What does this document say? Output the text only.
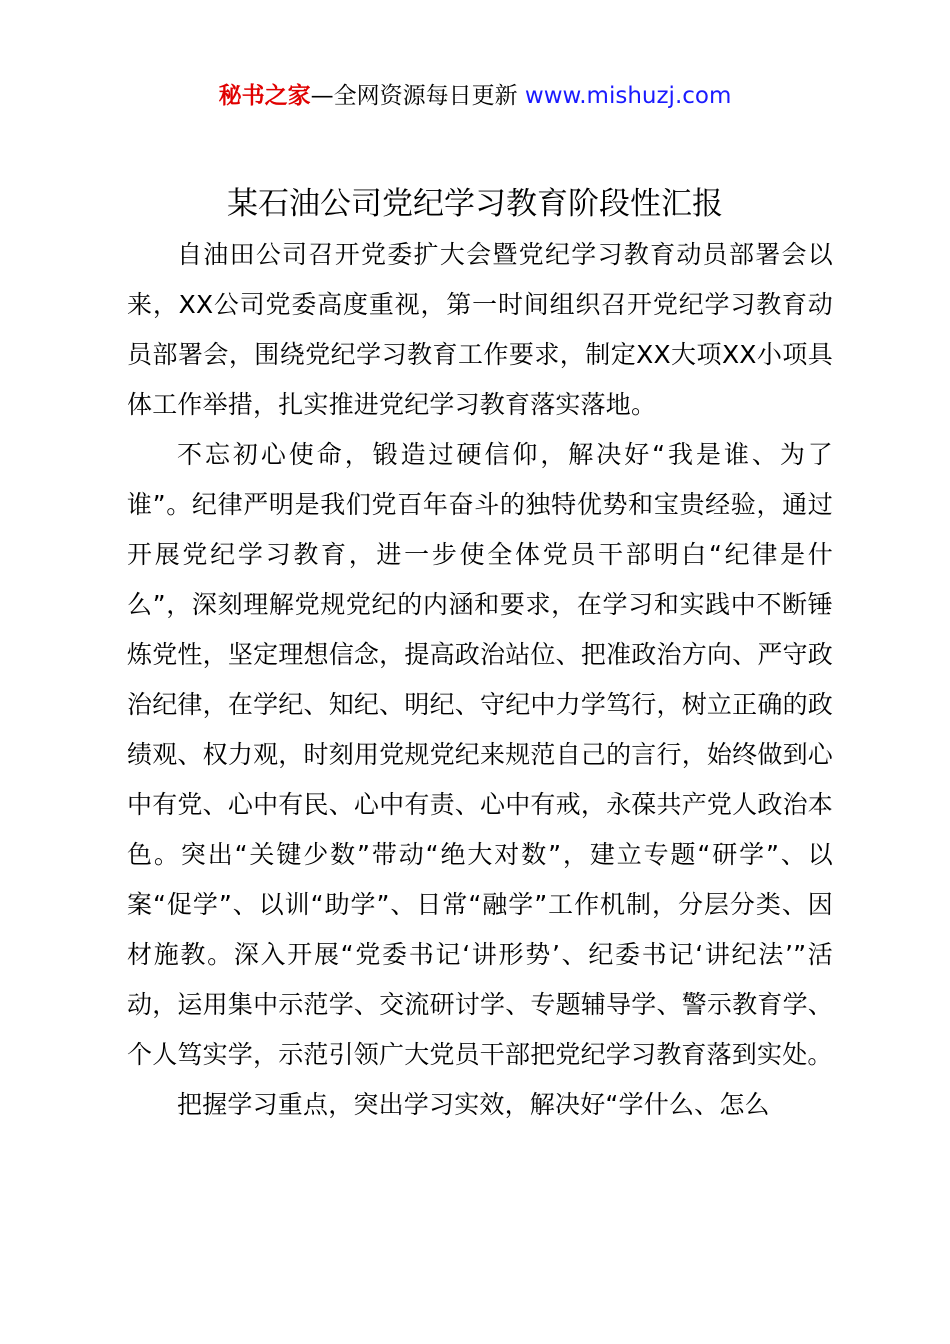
秘书之家—全网资源每日更新 www.mishuzj.com
某石油公司党纪学习教育阶段性汇报

自油田公司召开党委扩大会暨党纪学习教育动员部署会以来，XX公司党委高度重视，第一时间组织召开党纪学习教育动员部署会，围绕党纪学习教育工作要求，制定XX大项XX小项具体工作举措，扎实推进党纪学习教育落实落地。

不忘初心使命，锻造过硬信仰，解决好“我是谁、为了谁”。纪律严明是我们党百年奋斗的独特优势和宝贵经验，通过开展党纪学习教育，进一步使全体党员干部明白“纪律是什么”，深刻理解党规党纪的内涵和要求，在学习和实践中不断锤炼党性，坚定理想信念，提高政治站位、把准政治方向、严守政治纪律，在学纪、知纪、明纪、守纪中力学笃行，树立正确的政绩观、权力观，时刻用党规党纪来规范自己的言行，始终做到心中有党、心中有民、心中有责、心中有戒，永葆共产党人政治本色。突出“关键少数”带动“绝大对数”，建立专题“研学”、以案“促学”、以训“助学”、日常“融学”工作机制，分层分类、因材施教。深入开展“党委书记‘讲形势’、纪委书记‘讲纪法’”活动，运用集中示范学、交流研讨学、专题辅导学、警示教育学、个人笃实学，示范引领广大党员干部把党纪学习教育落到实处。

把握学习重点，突出学习实效，解决好“学什么、怎么
